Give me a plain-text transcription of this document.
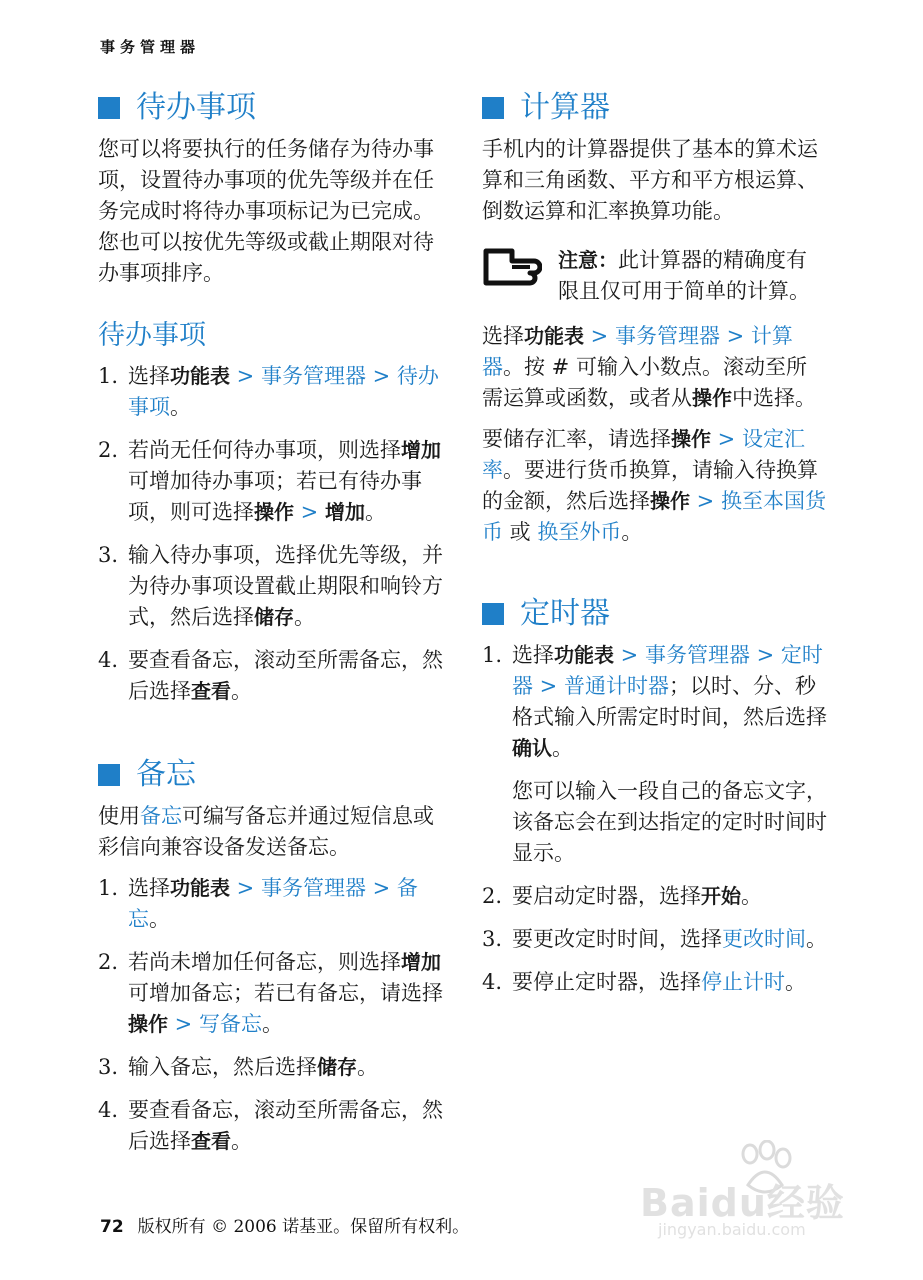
事务管理器
待办事项

您可以将要执行的任务储存为待办事项，设置待办事项的优先等级并在任务完成时将待办事项标记为已完成。您也可以按优先等级或截止期限对待办事项排序。

待办事项
1. 选择功能表 > 事务管理器 > 待办事项。
2. 若尚无任何待办事项，则选择增加可增加待办事项；若已有待办事项，则可选择操作 > 增加。
3. 输入待办事项，选择优先等级，并为待办事项设置截止期限和响铃方式，然后选择储存。
4. 要查看备忘，滚动至所需备忘，然后选择查看。
备忘

使用备忘可编写备忘并通过短信息或彩信向兼容设备发送备忘。

1. 选择功能表 > 事务管理器 > 备忘。
2. 若尚未增加任何备忘，则选择增加可增加备忘；若已有备忘，请选择操作 > 写备忘。
3. 输入备忘，然后选择储存。
4. 要查看备忘，滚动至所需备忘，然后选择查看。
计算器

手机内的计算器提供了基本的算术运算和三角函数、平方和平方根运算、倒数运算和汇率换算功能。

注意：此计算器的精确度有限且仅可用于简单的计算。

选择功能表 > 事务管理器 > 计算器。按 # 可输入小数点。滚动至所需运算或函数，或者从操作中选择。

要储存汇率，请选择操作 > 设定汇率。要进行货币换算，请输入待换算的金额，然后选择操作 > 换至本国货币 或 换至外币。

定时器
1. 选择功能表 > 事务管理器 > 定时器 > 普通计时器；以时、分、秒格式输入所需定时时间，然后选择确认。

您可以输入一段自己的备忘文字，该备忘会在到达指定的定时时间时显示。

2. 要启动定时器，选择开始。
3. 要更改定时时间，选择更改时间。
4. 要停止定时器，选择停止计时。
72 版权所有 © 2006 诺基亚。保留所有权利。
Baidu经验
jingyan.baidu.com
